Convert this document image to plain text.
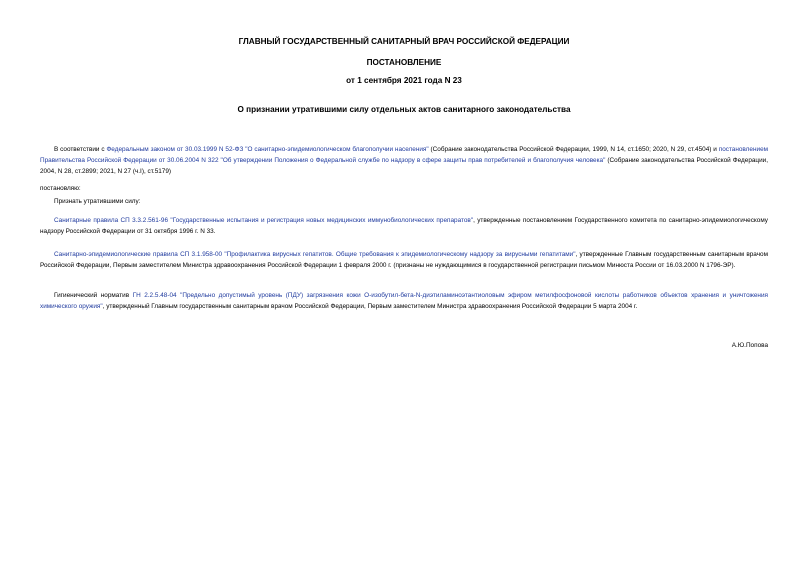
ГЛАВНЫЙ ГОСУДАРСТВЕННЫЙ САНИТАРНЫЙ ВРАЧ РОССИЙСКОЙ ФЕДЕРАЦИИ
ПОСТАНОВЛЕНИЕ
от 1 сентября 2021 года N 23
О признании утратившими силу отдельных актов санитарного законодательства
В соответствии с Федеральным законом от 30.03.1999 N 52-ФЗ "О санитарно-эпидемиологическом благополучии населения" (Собрание законодательства Российской Федерации, 1999, N 14, ст.1650; 2020, N 29, ст.4504) и постановлением Правительства Российской Федерации от 30.06.2004 N 322 "Об утверждении Положения о Федеральной службе по надзору в сфере защиты прав потребителей и благополучия человека" (Собрание законодательства Российской Федерации, 2004, N 28, ст.2899; 2021, N 27 (ч.I), ст.5179)
постановляю:
Признать утратившими силу:
Санитарные правила СП 3.3.2.561-96 "Государственные испытания и регистрация новых медицинских иммунобиологических препаратов", утвержденные постановлением Государственного комитета по санитарно-эпидемиологическому надзору Российской Федерации от 31 октября 1996 г. N 33.
Санитарно-эпидемиологические правила СП 3.1.958-00 "Профилактика вирусных гепатитов. Общие требования к эпидемиологическому надзору за вирусными гепатитами", утвержденные Главным государственным санитарным врачом Российской Федерации, Первым заместителем Министра здравоохранения Российской Федерации 1 февраля 2000 г. (признаны не нуждающимися в государственной регистрации письмом Минюста России от 16.03.2000 N 1796-ЭР).
Гигиенический норматив ГН 2.2.5.48-04 "Предельно допустимый уровень (ПДУ) загрязнения кожи О-изобутил-бета-N-диэтиламиноэтантиоловым эфиром метилфосфоновой кислоты работников объектов хранения и уничтожения химического оружия", утвержденный Главным государственным санитарным врачом Российской Федерации, Первым заместителем Министра здравоохранения Российской Федерации 5 марта 2004 г.
А.Ю.Попова
